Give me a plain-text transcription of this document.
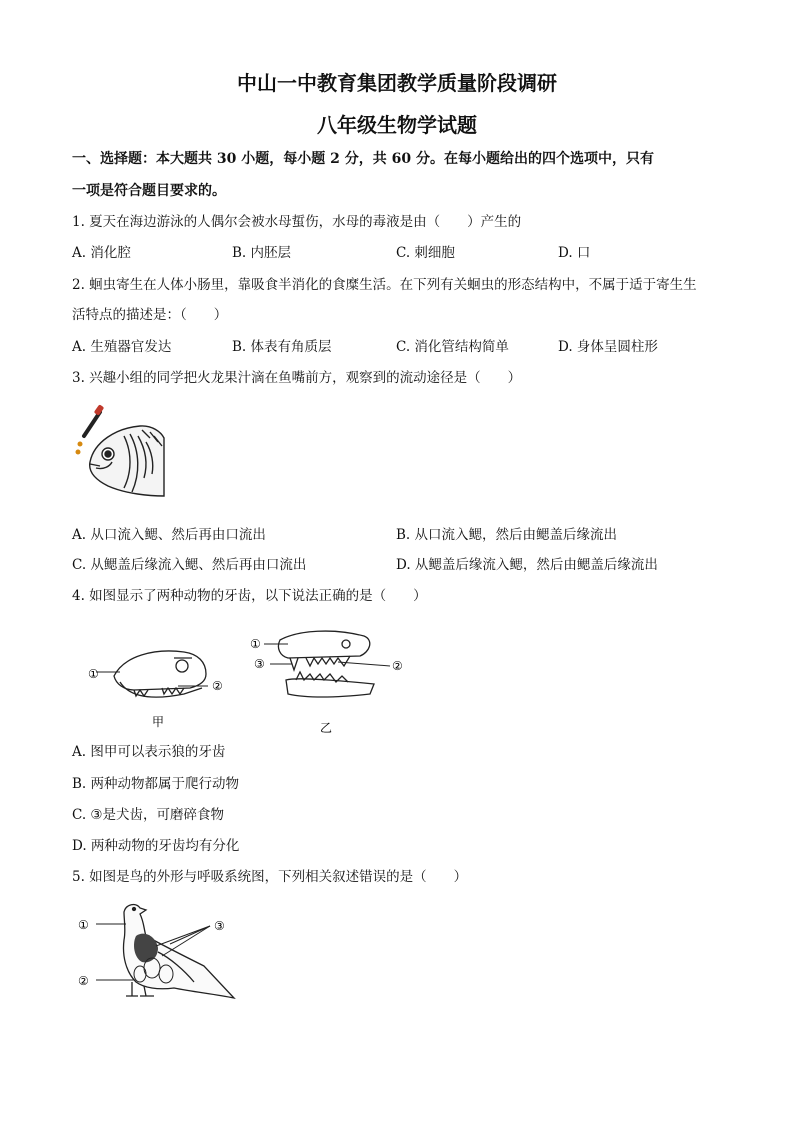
中山一中教育集团教学质量阶段调研
八年级生物学试题
一、选择题：本大题共 30 小题，每小题 2 分，共 60 分。在每小题给出的四个选项中，只有
一项是符合题目要求的。
1. 夏天在海边游泳的人偶尔会被水母蜇伤，水母的毒液是由（　　）产生的
A. 消化腔	B. 内胚层	C. 刺细胞	D. 口
2. 蛔虫寄生在人体小肠里，靠吸食半消化的食糜生活。在下列有关蛔虫的形态结构中，不属于适于寄生生
活特点的描述是：（　　）
A. 生殖器官发达	B. 体表有角质层	C. 消化管结构简单	D. 身体呈圆柱形
3. 兴趣小组的同学把火龙果汁滴在鱼嘴前方，观察到的流动途径是（　　）
A. 从口流入鳃、然后再由口流出	B. 从口流入鳃，然后由鳃盖后缘流出
C. 从鳃盖后缘流入鳃、然后再由口流出	D. 从鳃盖后缘流入鳃，然后由鳃盖后缘流出
4. 如图显示了两种动物的牙齿，以下说法正确的是（　　）
①
②
①
③	②
甲	乙
A. 图甲可以表示狼的牙齿
B. 两种动物都属于爬行动物
C. ③是犬齿，可磨碎食物
D. 两种动物的牙齿均有分化
5. 如图是鸟的外形与呼吸系统图，下列相关叙述错误的是（　　）
①
②
③
